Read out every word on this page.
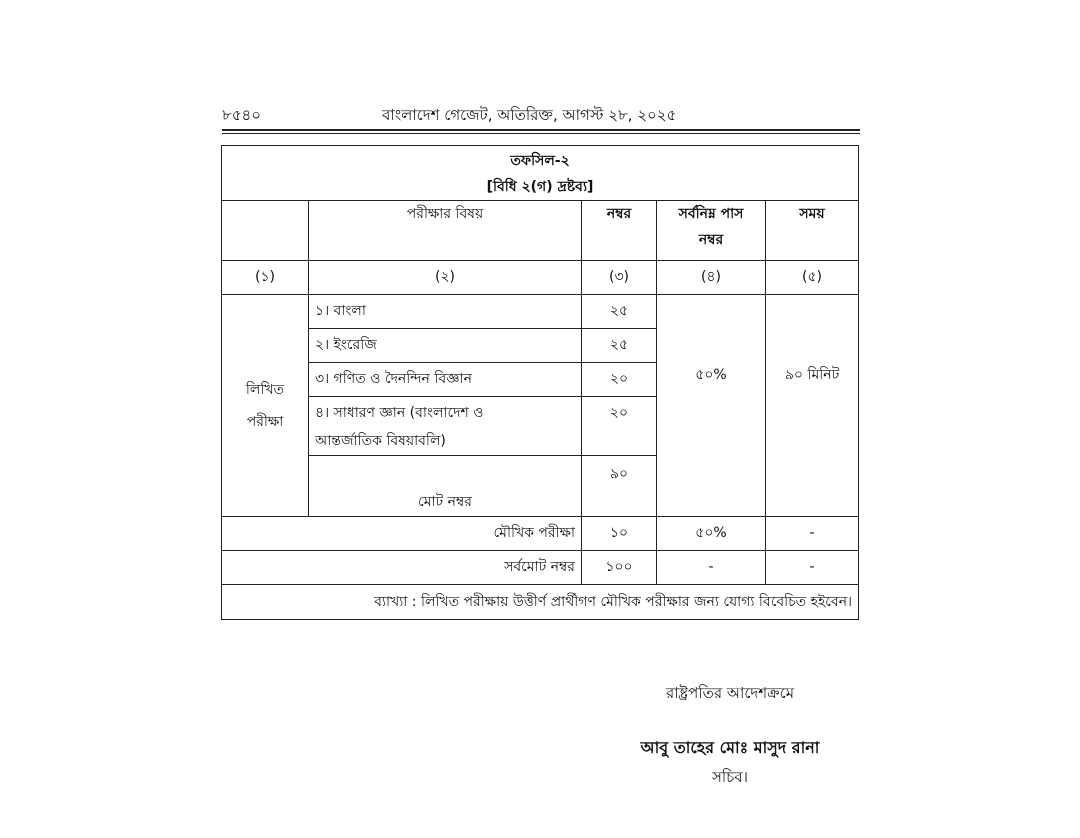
৮৫৪০	বাংলাদেশ গেজেট, অতিরিক্ত, আগস্ট ২৮, ২০২৫
তফসিল-২
[বিধি ২(গ) দ্রষ্টব্য]				

	পরীক্ষার বিষয়	নম্বর	সর্বনিম্ন পাস
নম্বর	সময়
(১)	(২)	(৩)	(৪)	(৫)

লিখিত
পরীক্ষা	১। বাংলা	২৫	৫০%	৯০ মিনিট
	২। ইংরেজি	২৫		
	৩। গণিত ও দৈনন্দিন বিজ্ঞান	২০		

	৪। সাধারণ জ্ঞান (বাংলাদেশ ও
আন্তর্জাতিক বিষয়াবলি)	২০		
	মোট নম্বর	৯০		
মৌখিক পরীক্ষা		১০	৫০%	-
সর্বমোট নম্বর		১০০	-	-
ব্যাখ্যা : লিখিত পরীক্ষায় উত্তীর্ণ প্রার্থীগণ মৌখিক পরীক্ষার জন্য যোগ্য বিবেচিত হইবেন।				
রাষ্ট্রপতির আদেশক্রমে
আবু তাহের মোঃ মাসুদ রানা
সচিব।
